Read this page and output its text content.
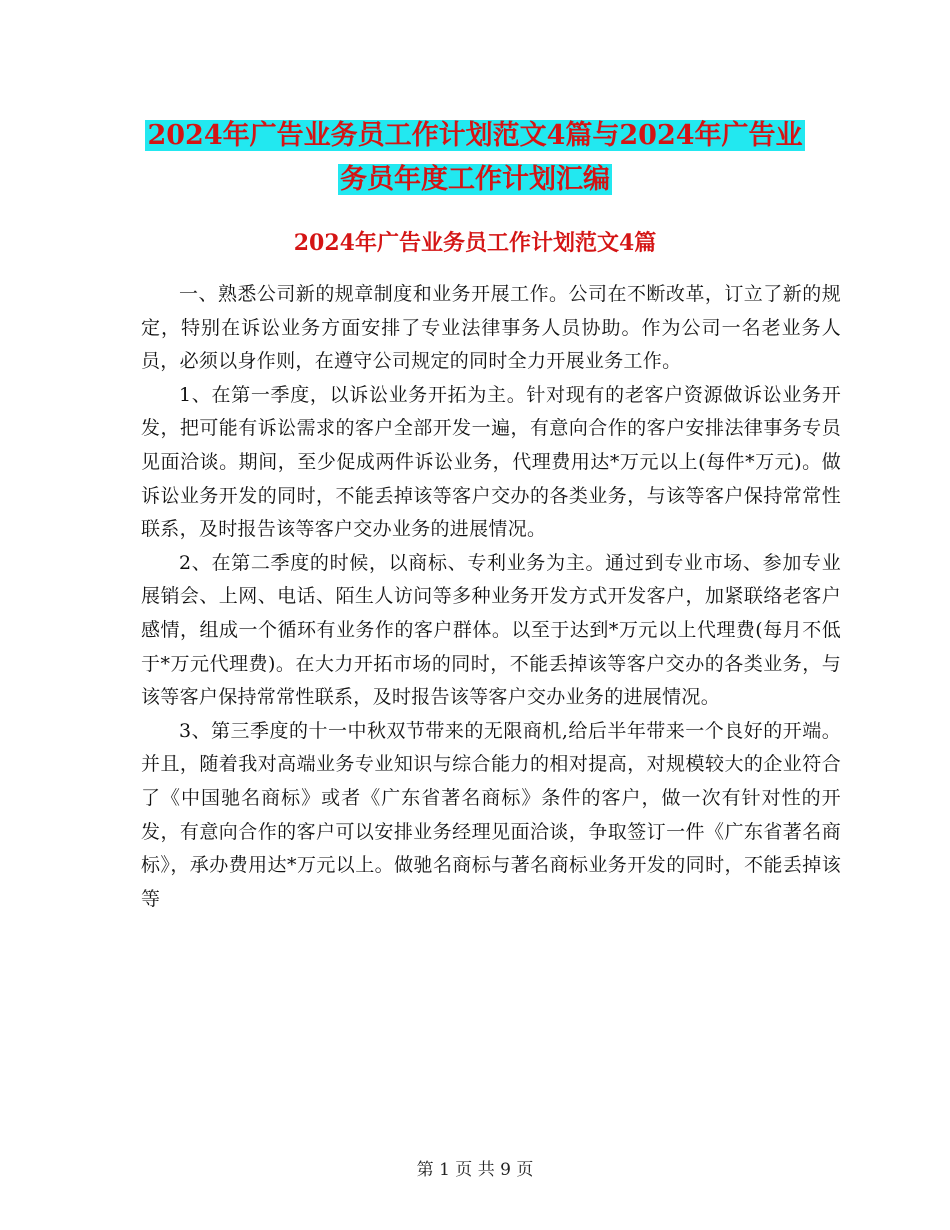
2024年广告业务员工作计划范文4篇与2024年广告业
务员年度工作计划汇编
2024年广告业务员工作计划范文4篇

一、熟悉公司新的规章制度和业务开展工作。公司在不断改革，订立了新的规定，特别在诉讼业务方面安排了专业法律事务人员协助。作为公司一名老业务人员，必须以身作则，在遵守公司规定的同时全力开展业务工作。

1、在第一季度，以诉讼业务开拓为主。针对现有的老客户资源做诉讼业务开发，把可能有诉讼需求的客户全部开发一遍，有意向合作的客户安排法律事务专员见面洽谈。期间，至少促成两件诉讼业务，代理费用达*万元以上(每件*万元)。做诉讼业务开发的同时，不能丢掉该等客户交办的各类业务，与该等客户保持常常性联系，及时报告该等客户交办业务的进展情况。

2、在第二季度的时候，以商标、专利业务为主。通过到专业市场、参加专业展销会、上网、电话、陌生人访问等多种业务开发方式开发客户，加紧联络老客户感情，组成一个循环有业务作的客户群体。以至于达到*万元以上代理费(每月不低于*万元代理费)。在大力开拓市场的同时，不能丢掉该等客户交办的各类业务，与该等客户保持常常性联系，及时报告该等客户交办业务的进展情况。

3、第三季度的十一中秋双节带来的无限商机,给后半年带来一个良好的开端。并且，随着我对高端业务专业知识与综合能力的相对提高，对规模较大的企业符合了《中国驰名商标》或者《广东省著名商标》条件的客户，做一次有针对性的开发，有意向合作的客户可以安排业务经理见面洽谈，争取签订一件《广东省著名商标》，承办费用达*万元以上。做驰名商标与著名商标业务开发的同时，不能丢掉该等

第 1 页 共 9 页
